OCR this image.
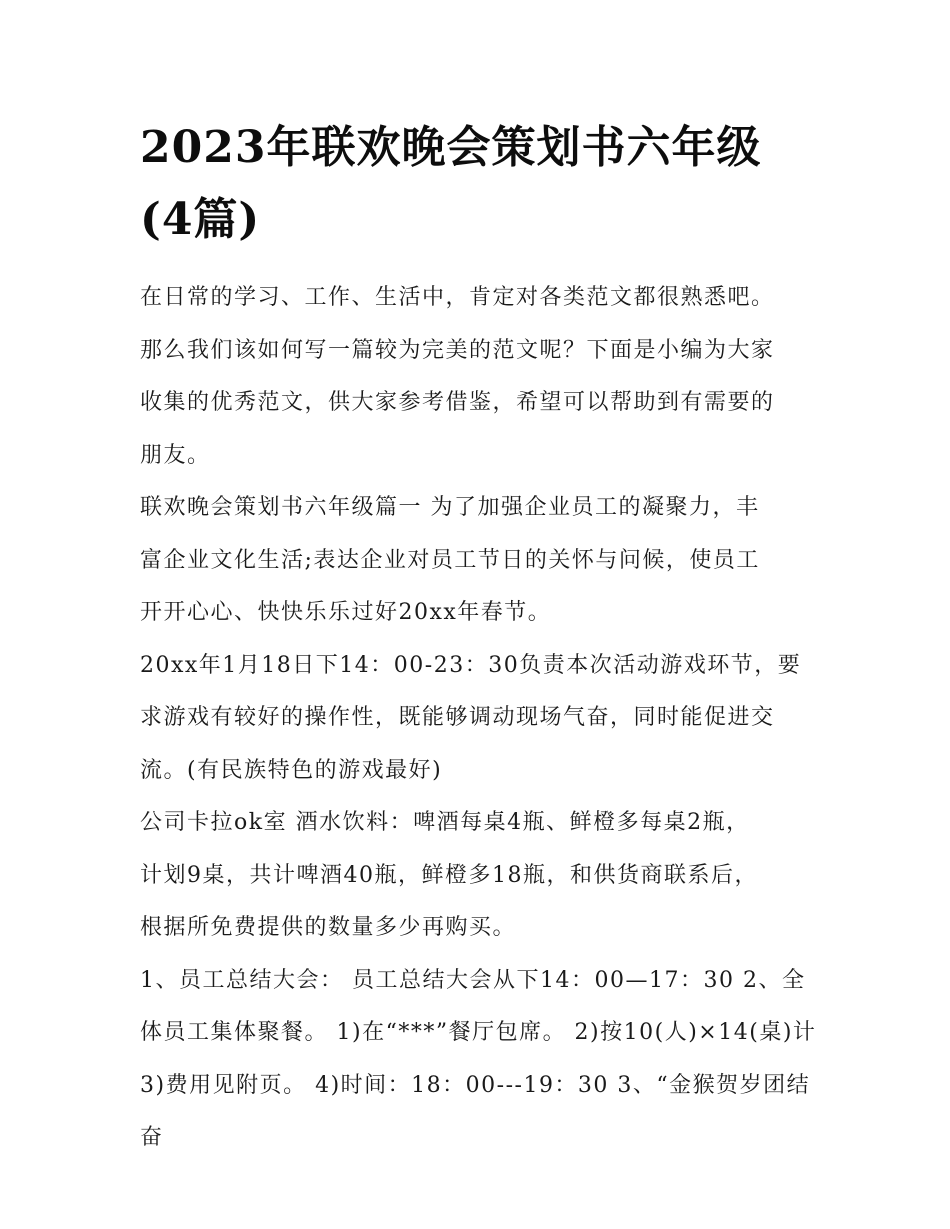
2023年联欢晚会策划书六年级
(4篇)

在日常的学习、工作、生活中，肯定对各类范文都很熟悉吧。
那么我们该如何写一篇较为完美的范文呢？下面是小编为大家
收集的优秀范文，供大家参考借鉴，希望可以帮助到有需要的
朋友。

联欢晚会策划书六年级篇一 为了加强企业员工的凝聚力，丰
富企业文化生活;表达企业对员工节日的关怀与问候，使员工
开开心心、快快乐乐过好20xx年春节。

20xx年1月18日下14：00-23：30负责本次活动游戏环节，要
求游戏有较好的操作性，既能够调动现场气奋，同时能促进交
流。(有民族特色的游戏最好)

公司卡拉ok室 酒水饮料：啤酒每桌4瓶、鲜橙多每桌2瓶，
计划9桌，共计啤酒40瓶，鲜橙多18瓶，和供货商联系后，
根据所免费提供的数量多少再购买。

1、员工总结大会： 员工总结大会从下14：00—17：30 2、全
体员工集体聚餐。 1)在“***”餐厅包席。 2)按10(人)×14(桌)计
3)费用见附页。 4)时间：18：00---19：30 3、“金猴贺岁团结奋
